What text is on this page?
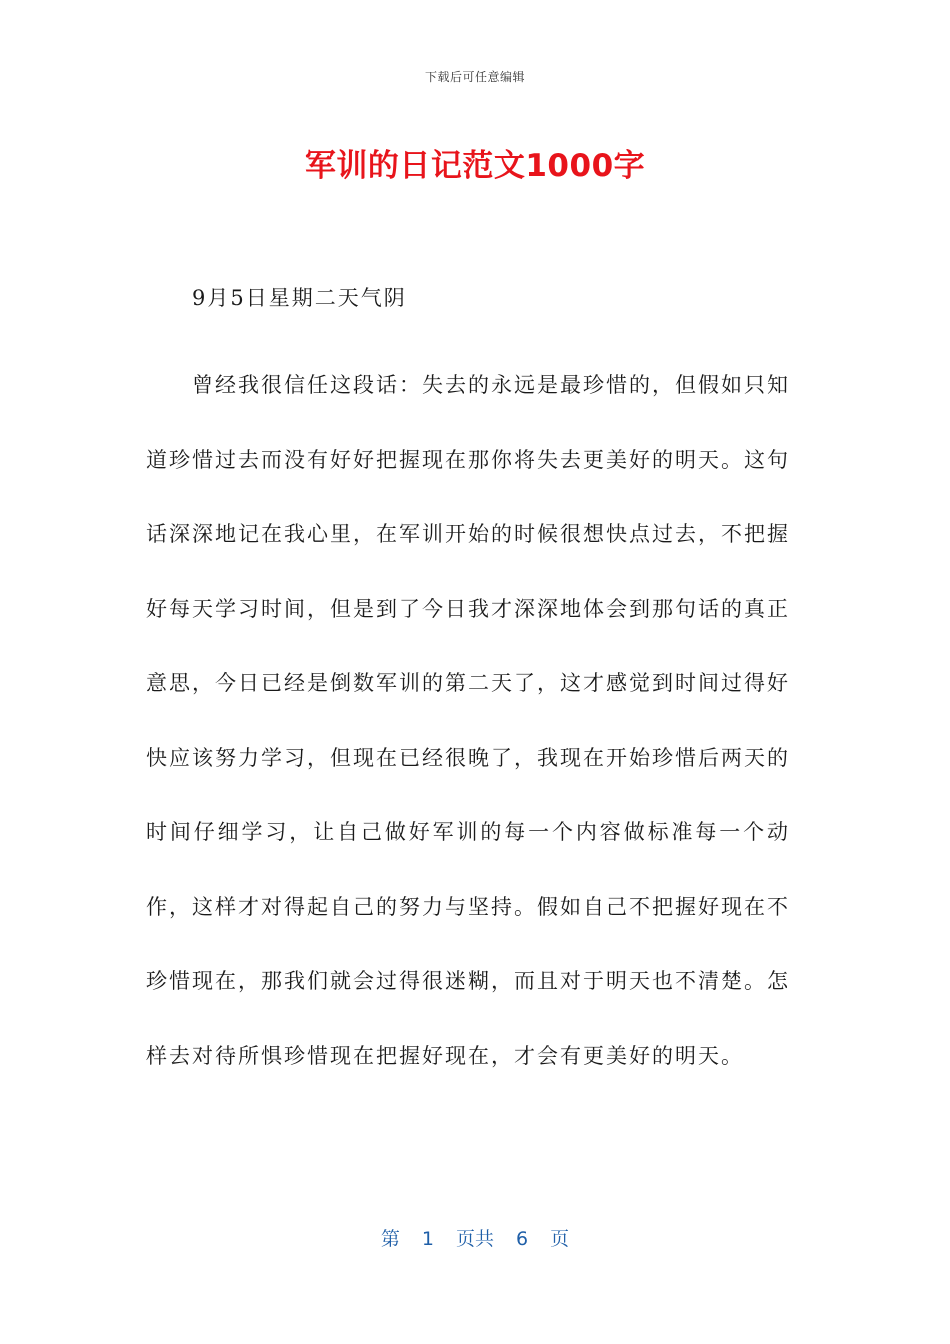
下载后可任意编辑
军训的日记范文1000字

9月5日星期二天气阴

曾经我很信任这段话：失去的永远是最珍惜的，但假如只知道珍惜过去而没有好好把握现在那你将失去更美好的明天。这句话深深地记在我心里，在军训开始的时候很想快点过去，不把握好每天学习时间，但是到了今日我才深深地体会到那句话的真正意思，今日已经是倒数军训的第二天了，这才感觉到时间过得好快应该努力学习，但现在已经很晚了，我现在开始珍惜后两天的时间仔细学习，让自己做好军训的每一个内容做标准每一个动作，这样才对得起自己的努力与坚持。假如自己不把握好现在不珍惜现在，那我们就会过得很迷糊，而且对于明天也不清楚。怎样去对待所惧珍惜现在把握好现在，才会有更美好的明天。

第 1 页共 6 页
